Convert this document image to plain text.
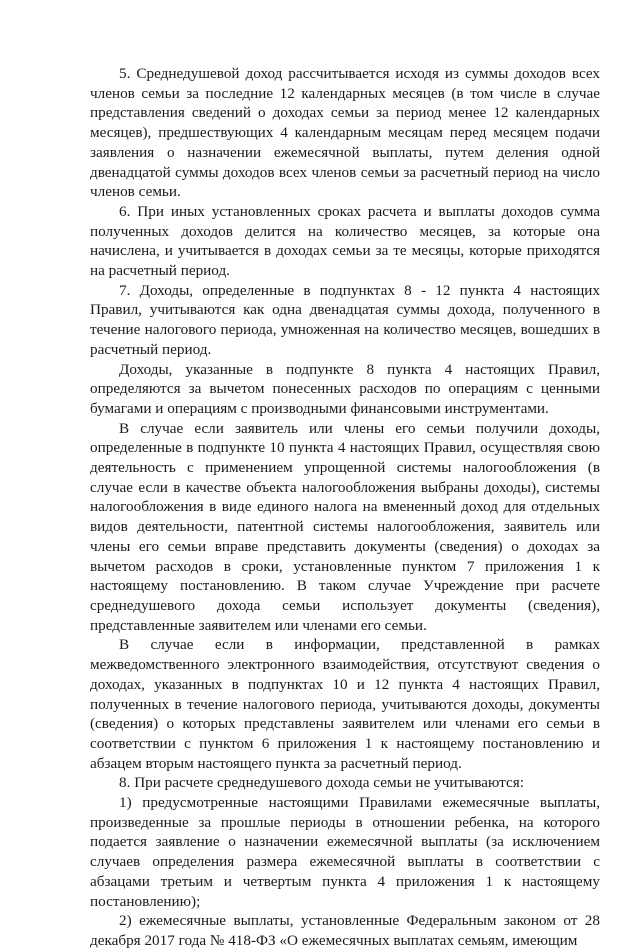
5. Среднедушевой доход рассчитывается исходя из суммы доходов всех членов семьи за последние 12 календарных месяцев (в том числе в случае представления сведений о доходах семьи за период менее 12 календарных месяцев), предшествующих 4 календарным месяцам перед месяцем подачи заявления о назначении ежемесячной выплаты, путем деления одной двенадцатой суммы доходов всех членов семьи за расчетный период на число членов семьи.

6. При иных установленных сроках расчета и выплаты доходов сумма полученных доходов делится на количество месяцев, за которые она начислена, и учитывается в доходах семьи за те месяцы, которые приходятся на расчетный период.

7. Доходы, определенные в подпунктах 8 - 12 пункта 4 настоящих Правил, учитываются как одна двенадцатая суммы дохода, полученного в течение налогового периода, умноженная на количество месяцев, вошедших в расчетный период.

Доходы, указанные в подпункте 8 пункта 4 настоящих Правил, определяются за вычетом понесенных расходов по операциям с ценными бумагами и операциям с производными финансовыми инструментами.

В случае если заявитель или члены его семьи получили доходы, определенные в подпункте 10 пункта 4 настоящих Правил, осуществляя свою деятельность с применением упрощенной системы налогообложения (в случае если в качестве объекта налогообложения выбраны доходы), системы налогообложения в виде единого налога на вмененный доход для отдельных видов деятельности, патентной системы налогообложения, заявитель или члены его семьи вправе представить документы (сведения) о доходах за вычетом расходов в сроки, установленные пунктом 7 приложения 1 к настоящему постановлению. В таком случае Учреждение при расчете среднедушевого дохода семьи использует документы (сведения), представленные заявителем или членами его семьи.

В случае если в информации, представленной в рамках межведомственного электронного взаимодействия, отсутствуют сведения о доходах, указанных в подпунктах 10 и 12 пункта 4 настоящих Правил, полученных в течение налогового периода, учитываются доходы, документы (сведения) о которых представлены заявителем или членами его семьи в соответствии с пунктом 6 приложения 1 к настоящему постановлению и абзацем вторым настоящего пункта за расчетный период.

8. При расчете среднедушевого дохода семьи не учитываются:

1) предусмотренные настоящими Правилами ежемесячные выплаты, произведенные за прошлые периоды в отношении ребенка, на которого подается заявление о назначении ежемесячной выплаты (за исключением случаев определения размера ежемесячной выплаты в соответствии с абзацами третьим и четвертым пункта 4 приложения 1 к настоящему постановлению);

2) ежемесячные выплаты, установленные Федеральным законом от 28 декабря 2017 года № 418-ФЗ «О ежемесячных выплатах семьям, имеющим
